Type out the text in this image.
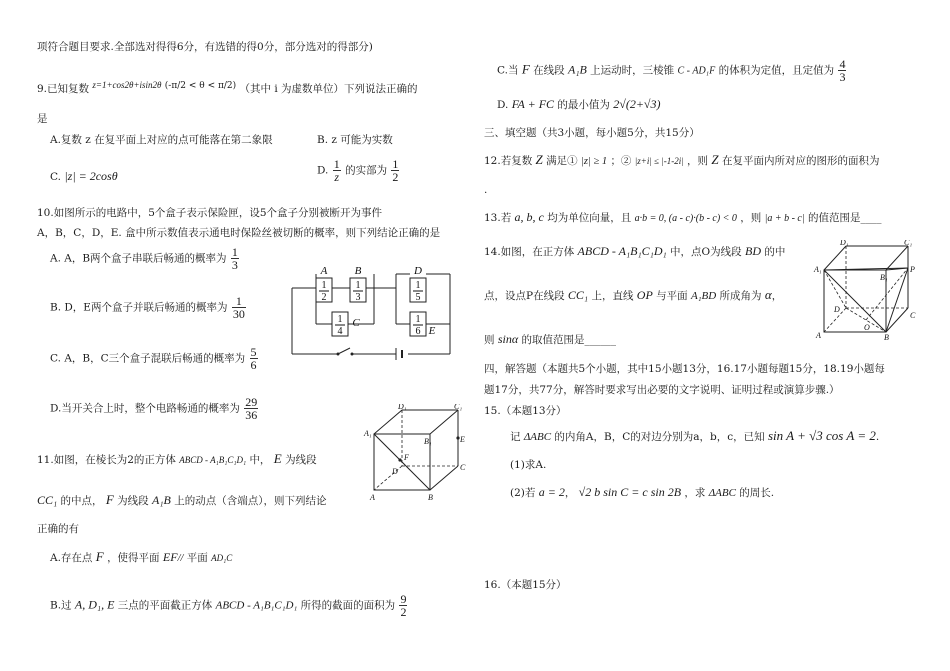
项符合题目要求.全部选对得得6分，有选错的得0分，部分选对的得部分)
9.已知复数 z=1+cos2θ+isin2θ (-π/2 < θ < π/2) （其中 i 为虚数单位）下列说法正确的
是
A.复数 z 在复平面上对应的点可能落在第二象限	B. z 可能为实数
C. |z| = 2cosθ	D. $\frac{1}{z}$ 的实部为 $\frac{1}{2}$
10.如图所示的电路中，5个盒子表示保险匣，设5个盒子分别被断开为事件
A，B，C，D，E. 盒中所示数值表示通电时保险丝被切断的概率，则下列结论正确的是
A. A，B两个盒子串联后畅通的概率为 $\frac{1}{3}$
B. D，E两个盒子并联后畅通的概率为 $\frac{1}{30}$
C. A，B，C三个盒子混联后畅通的概率为 $\frac{5}{6}$
D.当开关合上时，整个电路畅通的概率为 $\frac{29}{36}$
A B	D
C
E
1
2
1
3
1
5
1
4
1
6
11.如图，在棱长为2的正方体 ABCD - A₁B₁C₁D₁ 中， E 为线段
CC₁ 的中点， F 为线段 A₁B 上的动点（含端点），则下列结论
正确的有
A.存在点 F ，使得平面 EF// 平面 AD₁C
B.过 A, D₁, E 三点的平面截正方体 ABCD - A₁B₁C₁D₁ 所得的截面的面积为 $\frac{9}{2}$
D₁	C₁
A₁
B₁	E
F
D	C
A	B
C.当 F 在线段 A₁B 上运动时，三棱锥 C - AD₁F 的体积为定值，且定值为 $\frac{4}{3}$
D. FA + FC 的最小值为 2√(2+√3)
三、填空题（共3小题，每小题5分，共15分）
12.若复数 Z 满足① |z| ≥ 1 ；② |z+i| ≤ |-1-2i| ，则 Z 在复平面内所对应的图形的面积为
.
13.若 a, b, c 均为单位向量，且 a·b = 0, (a - c)·(b - c) < 0 ，则 |a + b - c| 的值范围是____
14.如图，在正方体 ABCD - A₁B₁C₁D₁ 中，点O为线段 BD 的中
点，设点P在线段 CC₁ 上，直线 OP 与平面 A₁BD 所成角为 α，
则 sinα 的取值范围是______
D₁	C₁
A₁
B₁
P
D
C
O
A	B
四，解答题（本题共5个小题，其中15小题13分，16.17小题每题15分，18.19小题每
题17分，共77分，解答时要求写出必要的文字说明、证明过程或演算步骤.）
15.（本题13分）
记 ΔABC 的内角A，B，C的对边分别为a，b，c，已知 sin A + √3 cos A = 2.
(1)求A.
(2)若 a = 2， √2 b sin C = c sin 2B ，求 ΔABC 的周长.
16.（本题15分）
